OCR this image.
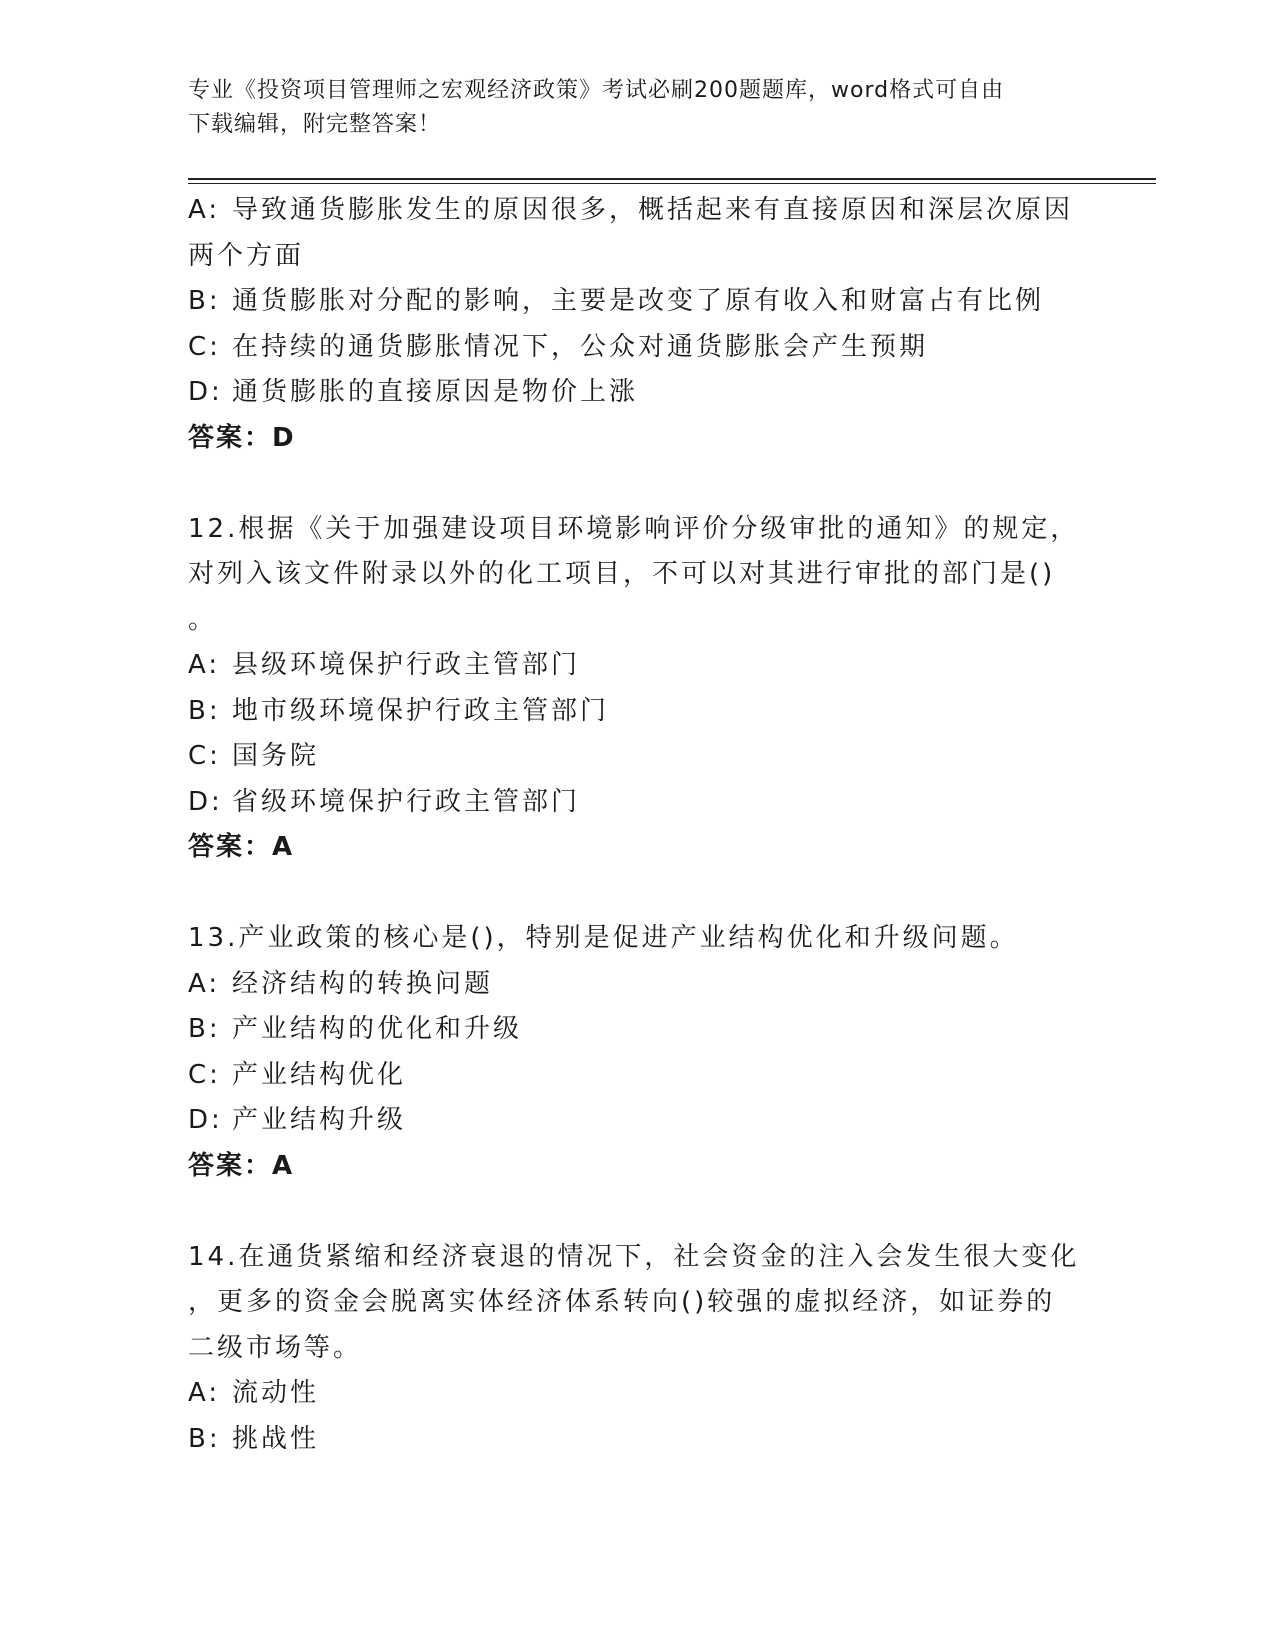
专业《投资项目管理师之宏观经济政策》考试必刷200题题库，word格式可自由
下载编辑，附完整答案！
A: 导致通货膨胀发生的原因很多，概括起来有直接原因和深层次原因
两个方面
B: 通货膨胀对分配的影响，主要是改变了原有收入和财富占有比例
C: 在持续的通货膨胀情况下，公众对通货膨胀会产生预期
D: 通货膨胀的直接原因是物价上涨
答案：D
12.根据《关于加强建设项目环境影响评价分级审批的通知》的规定，
对列入该文件附录以外的化工项目，不可以对其进行审批的部门是()
。
A: 县级环境保护行政主管部门
B: 地市级环境保护行政主管部门
C: 国务院
D: 省级环境保护行政主管部门
答案：A
13.产业政策的核心是()，特别是促进产业结构优化和升级问题。
A: 经济结构的转换问题
B: 产业结构的优化和升级
C: 产业结构优化
D: 产业结构升级
答案：A
14.在通货紧缩和经济衰退的情况下，社会资金的注入会发生很大变化
，更多的资金会脱离实体经济体系转向()较强的虚拟经济，如证券的
二级市场等。
A: 流动性
B: 挑战性
